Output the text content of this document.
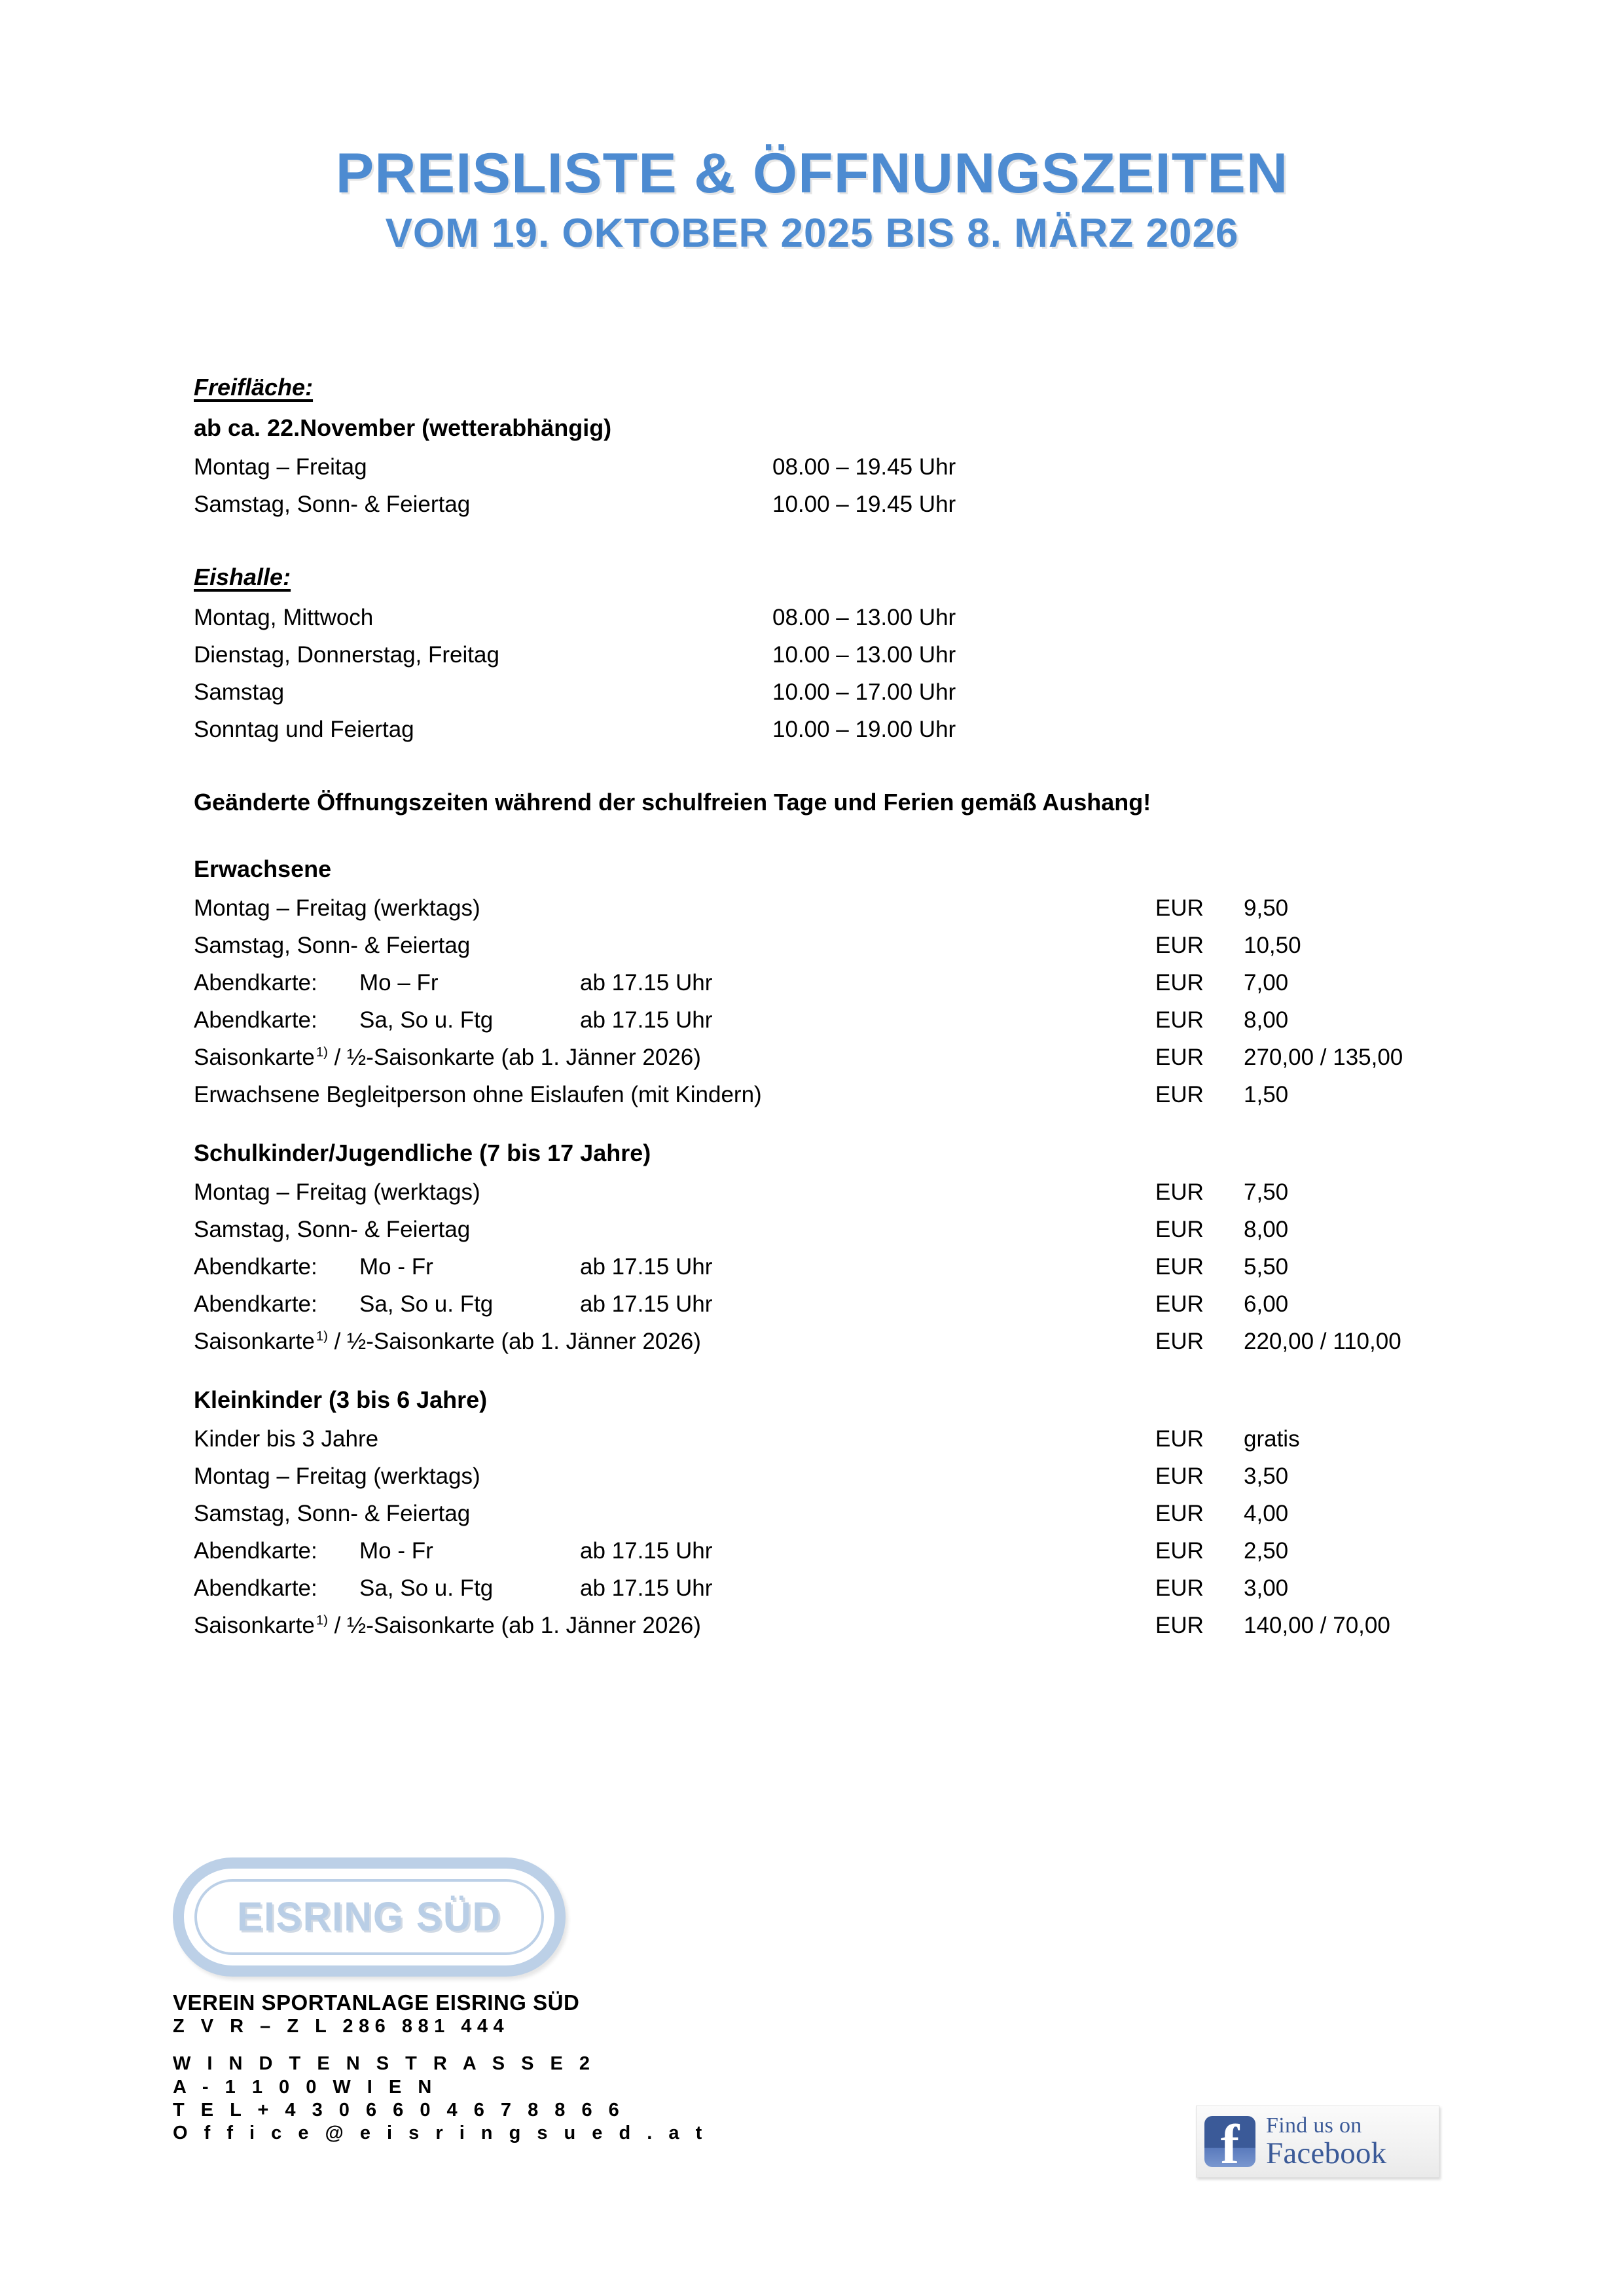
PREISLISTE & ÖFFNUNGSZEITEN
VOM 19. OKTOBER 2025 BIS 8. MÄRZ 2026
Freifläche:
ab ca. 22.November (wetterabhängig)
Montag – Freitag	08.00 – 19.45 Uhr
Samstag, Sonn- & Feiertag	10.00 – 19.45 Uhr
Eishalle:
Montag, Mittwoch	08.00 – 13.00 Uhr
Dienstag, Donnerstag, Freitag	10.00 – 13.00 Uhr
Samstag	10.00 – 17.00 Uhr
Sonntag und Feiertag	10.00 – 19.00 Uhr
Geänderte Öffnungszeiten während der schulfreien Tage und Ferien gemäß Aushang!
Erwachsene
Montag – Freitag (werktags)	EUR	9,50
Samstag, Sonn- & Feiertag	EUR	10,50
Abendkarte: Mo – Fr	ab 17.15 Uhr	EUR	7,00
Abendkarte: Sa, So u. Ftg	ab 17.15 Uhr	EUR	8,00
Saisonkarte$^{1)}$ / ½-Saisonkarte (ab 1. Jänner 2026)	EUR	270,00 / 135,00
Erwachsene Begleitperson ohne Eislaufen (mit Kindern)	EUR	1,50
Schulkinder/Jugendliche (7 bis 17 Jahre)
Montag – Freitag (werktags)	EUR	7,50
Samstag, Sonn- & Feiertag	EUR	8,00
Abendkarte: Mo - Fr	ab 17.15 Uhr	EUR	5,50
Abendkarte: Sa, So u. Ftg	ab 17.15 Uhr	EUR	6,00
Saisonkarte$^{1)}$ / ½-Saisonkarte (ab 1. Jänner 2026)	EUR	220,00 / 110,00
Kleinkinder (3 bis 6 Jahre)
Kinder bis 3 Jahre	EUR	gratis
Montag – Freitag (werktags)	EUR	3,50
Samstag, Sonn- & Feiertag	EUR	4,00
Abendkarte: Mo - Fr	ab 17.15 Uhr	EUR	2,50
Abendkarte: Sa, So u. Ftg	ab 17.15 Uhr	EUR	3,00
Saisonkarte$^{1)}$ / ½-Saisonkarte (ab 1. Jänner 2026)	EUR	140,00 / 70,00
EISRING SÜD
VEREIN SPORTANLAGE EISRING SÜD
Z V R – Z L 286 881 444
W I N D T E N S T R A S S E 2
A - 1 1 0 0 W I E N
T E L + 4 3 0 6 6 0 4 6 7 8 8 6 6
O f f i c e @ e i s r i n g s u e d . a t	f	Find us on
Facebook
